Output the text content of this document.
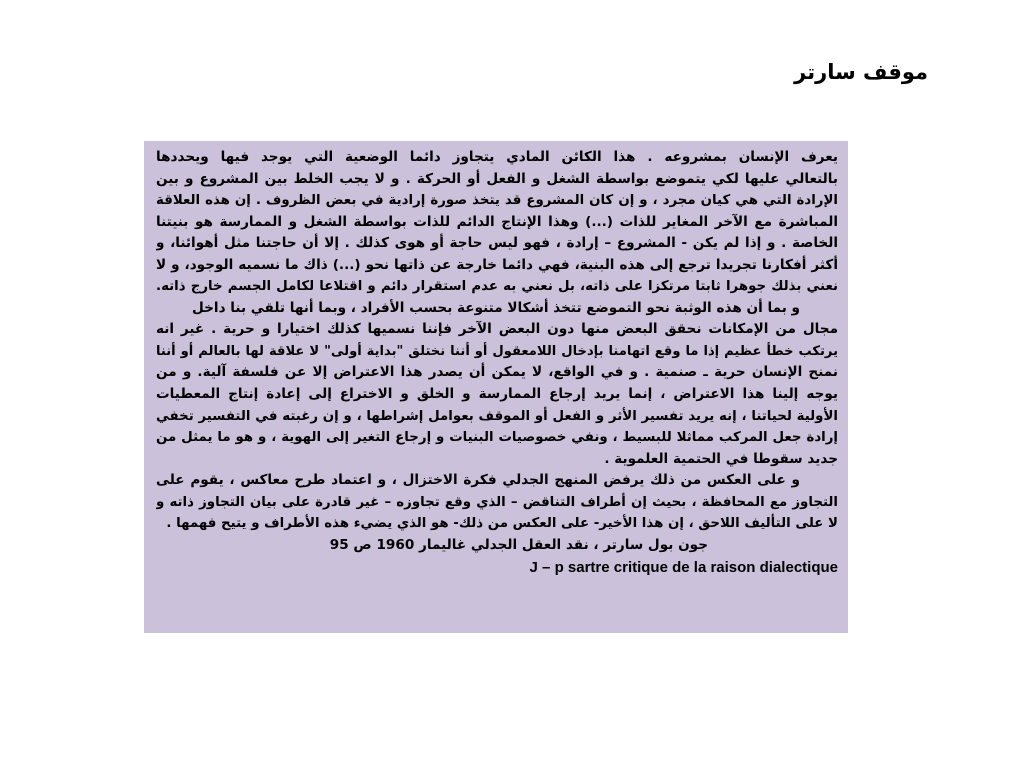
موقف سارتر
يعرف الإنسان بمشروعه . هذا الكائن المادي يتجاوز دائما الوضعية التي يوجد فيها ويحددها
بالتعالي عليها لكي يتموضع بواسطة الشغل و الفعل أو الحركة . و لا يجب الخلط بين المشروع و بين
الإرادة التي هي كيان مجرد ، و إن كان المشروع قد يتخذ صورة إرادية في بعض الظروف . إن هذه العلاقة
المباشرة مع الآخر المغاير للذات (...) وهذا الإنتاج الدائم للذات بواسطة الشغل و الممارسة هو بنيتنا
الخاصة . و إذا لم يكن - المشروع – إرادة ، فهو ليس حاجة أو هوى كذلك . إلا أن حاجتنا مثل أهوائنا، و
أكثر أفكارنا تجريدا ترجع إلى هذه البنية، فهي دائما خارجة عن ذاتها نحو (...) ذاك ما نسميه الوجود، و لا
نعني بذلك جوهرا ثابتا مرتكزا على ذاته، بل نعني به عدم استقرار دائم و اقتلاعا لكامل الجسم خارج ذاته.
و بما أن هذه الوثبة نحو التموضع تتخذ أشكالا متنوعة بحسب الأفراد ، وبما أنها تلقي بنا داخل
مجال من الإمكانات نحقق البعض منها دون البعض الآخر فإننا نسميها كذلك اختيارا و حرية . غير انه
يرتكب خطأ عظيم إذا ما وقع اتهامنا بإدخال اللامعقول أو أننا نختلق "بداية أولى" لا علاقة لها بالعالم أو أننا
نمنح الإنسان حرية ـ صنمية . و في الواقع، لا يمكن أن يصدر هذا الاعتراض إلا عن فلسفة آلية. و من
يوجه إلينا هذا الاعتراض ، إنما يريد إرجاع الممارسة و الخلق و الاختراع إلى إعادة إنتاج المعطيات
الأولية لحياتنا ، إنه يريد تفسير الأثر و الفعل أو الموقف بعوامل إشراطها ، و إن رغبته في التفسير تخفي
إرادة جعل المركب مماثلا للبسيط ، ونفي خصوصيات البنيات و إرجاع التغير إلى الهوية ، و هو ما يمثل من
جديد سقوطا في الحتمية العلموية .
و على العكس من ذلك يرفض المنهج الجدلي فكرة الاختزال ، و اعتماد طرح معاكس ، يقوم على
التجاوز مع المحافظة ، بحيث إن أطراف التناقض – الذي وقع تجاوزه – غير قادرة على بيان التجاوز ذاته و
لا على التأليف اللاحق ، إن هذا الأخير- على العكس من ذلك- هو الذي يضيء هذه الأطراف و يتيح فهمها .
جون بول سارتر ، نقد العقل الجدلي غاليمار 1960 ص 95
J – p sartre critique de la raison dialectique
